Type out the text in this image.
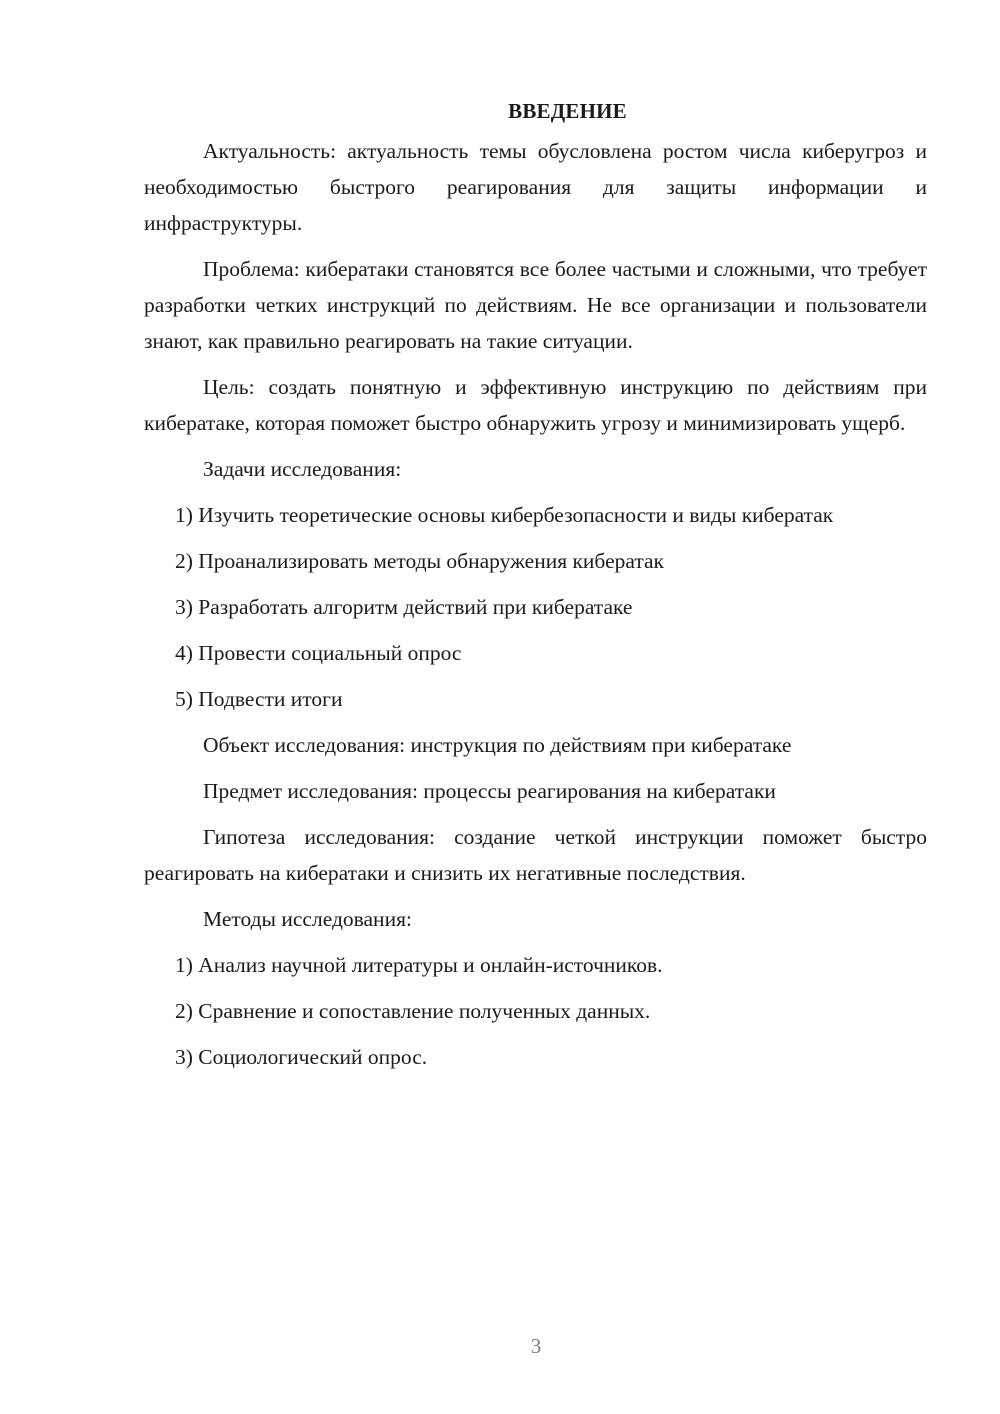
ВВЕДЕНИЕ

Актуальность: актуальность темы обусловлена ростом числа киберугроз и необходимостью быстрого реагирования для защиты информации и инфраструктуры.

Проблема: кибератаки становятся все более частыми и сложными, что требует разработки четких инструкций по действиям. Не все организации и пользователи знают, как правильно реагировать на такие ситуации.

Цель: создать понятную и эффективную инструкцию по действиям при кибератаке, которая поможет быстро обнаружить угрозу и минимизировать ущерб.

Задачи исследования:

1) Изучить теоретические основы кибербезопасности и виды кибератак

2) Проанализировать методы обнаружения кибератак

3) Разработать алгоритм действий при кибератаке

4) Провести социальный опрос

5) Подвести итоги

Объект исследования: инструкция по действиям при кибератаке

Предмет исследования: процессы реагирования на кибератаки

Гипотеза исследования: создание четкой инструкции поможет быстро реагировать на кибератаки и снизить их негативные последствия.

Методы исследования:

1) Анализ научной литературы и онлайн-источников.

2) Сравнение и сопоставление полученных данных.

3) Социологический опрос.

3
